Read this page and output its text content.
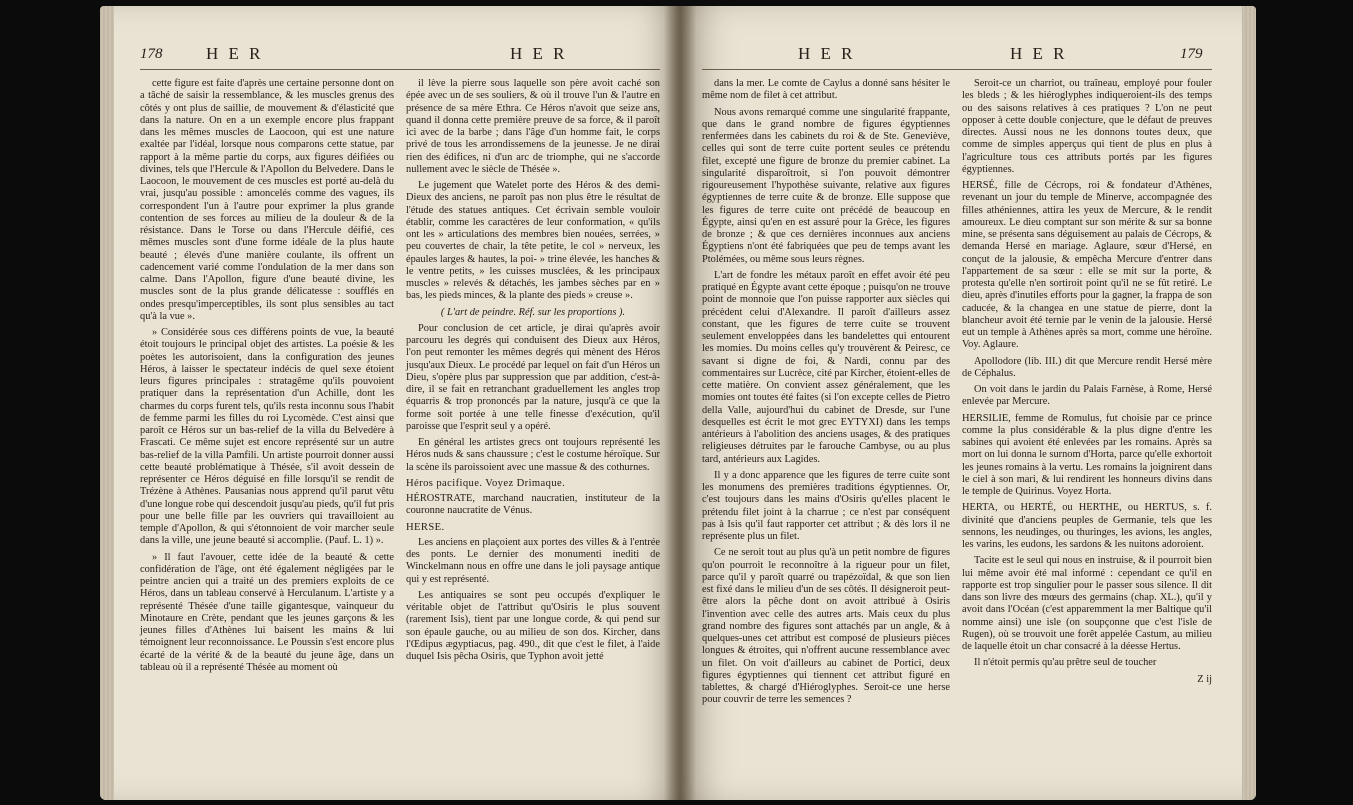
178	H E R	H E R

cette figure est faite d'après une certaine personne dont on a tâché de saisir la ressemblance, & les muscles grenus des côtés y ont plus de saillie, de mouvement & d'élasticité que dans la nature. On en a un exemple encore plus frappant dans les mêmes muscles de Laocoon, qui est une nature exaltée par l'idéal, lorsque nous comparons cette statue, par rapport à la même partie du corps, aux figures déifiées ou divines, tels que l'Hercule & l'Apollon du Belvedere. Dans le Laocoon, le mouvement de ces muscles est porté au-delà du vrai, jusqu'au possible : amoncelés comme des vagues, ils correspondent l'un à l'autre pour exprimer la plus grande contention de ses forces au milieu de la douleur & de la résistance. Dans le Torse ou dans l'Hercule déifié, ces mêmes muscles sont d'une forme idéale de la plus haute beauté ; élevés d'une manière coulante, ils offrent un cadencement varié comme l'ondulation de la mer dans son calme. Dans l'Apollon, figure d'une beauté divine, les muscles sont de la plus grande délicatesse : soufflés en ondes presqu'imperceptibles, ils sont plus sensibles au tact qu'à la vue ».

» Considérée sous ces différens points de vue, la beauté étoit toujours le principal objet des artistes. La poésie & les poètes les autorisoient, dans la configuration des jeunes Héros, à laisser le spectateur indécis de quel sexe étoient leurs figures principales : stratagême qu'ils pouvoient pratiquer dans la représentation d'un Achille, dont les charmes du corps furent tels, qu'ils resta inconnu sous l'habit de femme parmi les filles du roi Lycomède. C'est ainsi que paroît ce Héros sur un bas-relief de la villa du Belvedère à Frascati. Ce même sujet est encore représenté sur un autre bas-relief de la villa Pamfili. Un artiste pourroit donner aussi cette beauté problématique à Thésée, s'il avoit dessein de représenter ce Héros déguisé en fille lorsqu'il se rendit de Trézène à Athènes. Pausanias nous apprend qu'il parut vêtu d'une longue robe qui descendoit jusqu'au pieds, qu'il fut pris pour une belle fille par les ouvriers qui travailloient au temple d'Apollon, & qui s'étonnoient de voir marcher seule dans la ville, une jeune beauté si accomplie. (Pauf. L. 1) ».

» Il faut l'avouer, cette idée de la beauté & cette confidération de l'âge, ont été également négligées par le peintre ancien qui a traité un des premiers exploits de ce Héros, dans un tableau conservé à Herculanum. L'artiste y a représenté Thésée d'une taille gigantesque, vainqueur du Minotaure en Crète, pendant que les jeunes garçons & les jeunes filles d'Athènes lui baisent les mains & lui témoignent leur reconnoissance. Le Poussin s'est encore plus écarté de la vérité & de la beauté du jeune âge, dans un tableau où il a représenté Thésée au moment où

il lève la pierre sous laquelle son père avoit caché son épée avec un de ses souliers, & où il trouve l'un & l'autre en présence de sa mère Ethra. Ce Héros n'avoit que seize ans, quand il donna cette première preuve de sa force, & il paroît ici avec de la barbe ; dans l'âge d'un homme fait, le corps privé de tous les arrondissemens de la jeunesse. Je ne dirai rien des édifices, ni d'un arc de triomphe, qui ne s'accorde nullement avec le siècle de Thésée ».

Le jugement que Watelet porte des Héros & des demi-Dieux des anciens, ne paroît pas non plus être le résultat de l'étude des statues antiques. Cet écrivain semble vouloir établir, comme les caractères de leur conformation, « qu'ils ont les » articulations des membres bien nouées, serrées, » peu couvertes de chair, la tête petite, le col » nerveux, les épaules larges & hautes, la poi- » trine élevée, les hanches & le ventre petits, » les cuisses musclées, & les principaux muscles » relevés & détachés, les jambes sèches par en » bas, les pieds minces, & la plante des pieds » creuse ».

( L'art de peindre. Réf. sur les proportions ).

Pour conclusion de cet article, je dirai qu'après avoir parcouru les degrés qui conduisent des Dieux aux Héros, l'on peut remonter les mêmes degrés qui mènent des Héros jusqu'aux Dieux. Le procédé par lequel on fait d'un Héros un Dieu, s'opère plus par suppression que par addition, c'est-à-dire, il se fait en retranchant graduellement les angles trop équarris & trop prononcés par la nature, jusqu'à ce que la forme soit portée à une telle finesse d'exécution, qu'il paroisse que l'esprit seul y a opéré.

En général les artistes grecs ont toujours représenté les Héros nuds & sans chaussure ; c'est le costume héroïque. Sur la scène ils paroissoient avec une massue & des cothurnes.

Héros pacifique. Voyez Drimaque.

HÉROSTRATE, marchand naucratien, instituteur de la couronne naucratite de Vénus.

HERSE.

Les anciens en plaçoient aux portes des villes & à l'entrée des ponts. Le dernier des monumenti inediti de Winckelmann nous en offre une dans le joli paysage antique qui y est représenté.

Les antiquaires se sont peu occupés d'expliquer le véritable objet de l'attribut qu'Osiris le plus souvent (rarement Isis), tient par une longue corde, & qui pend sur son épaule gauche, ou au milieu de son dos. Kircher, dans l'Œdipus ægyptiacus, pag. 490., dit que c'est le filet, à l'aide duquel Isis pêcha Osiris, que Typhon avoit jetté

H E R	H E R	179

dans la mer. Le comte de Caylus a donné sans hésiter le même nom de filet à cet attribut.

Nous avons remarqué comme une singularité frappante, que dans le grand nombre de figures égyptiennes renfermées dans les cabinets du roi & de Ste. Geneviève, celles qui sont de terre cuite portent seules ce prétendu filet, excepté une figure de bronze du premier cabinet. La singularité disparoîtroit, si l'on pouvoit démontrer rigoureusement l'hypothèse suivante, relative aux figures égyptiennes de terre cuite & de bronze. Elle suppose que les figures de terre cuite ont précédé de beaucoup en Égypte, ainsi qu'en en est assuré pour la Grèce, les figures de bronze ; & que ces dernières inconnues aux anciens Égyptiens n'ont été fabriquées que peu de temps avant les Ptolémées, ou même sous leurs règnes.

L'art de fondre les métaux paroît en effet avoir été peu pratiqué en Égypte avant cette époque ; puisqu'on ne trouve point de monnoie que l'on puisse rapporter aux siècles qui précèdent celui d'Alexandre. Il paroît d'ailleurs assez constant, que les figures de terre cuite se trouvent seulement enveloppées dans les bandelettes qui entourent les momies. Du moins celles qu'y trouvèrent & Peiresc, ce savant si digne de foi, & Nardi, connu par des commentaires sur Lucrèce, cité par Kircher, étoient-elles de cette matière. On convient assez généralement, que les momies ont toutes été faites (si l'on excepte celles de Pietro della Valle, aujourd'hui du cabinet de Dresde, sur l'une desquelles est écrit le mot grec ΕΥΤΥΧΙ) dans les temps antérieurs à l'abolition des anciens usages, & des pratiques religieuses détruites par le farouche Cambyse, ou au plus tard, antérieurs aux Lagides.

Il y a donc apparence que les figures de terre cuite sont les monumens des premières traditions égyptiennes. Or, c'est toujours dans les mains d'Osiris qu'elles placent le prétendu filet joint à la charrue ; ce n'est par conséquent pas à Isis qu'il faut rapporter cet attribut ; & dès lors il ne représente plus un filet.

Ce ne seroit tout au plus qu'à un petit nombre de figures qu'on pourroit le reconnoître à la rigueur pour un filet, parce qu'il y paroît quarré ou trapézoïdal, & que son lien est fixé dans le milieu d'un de ses côtés. Il désigneroit peut-être alors la pêche dont on avoit attribué à Osiris l'invention avec celle des autres arts. Mais ceux du plus grand nombre des figures sont attachés par un angle, & à quelques-unes cet attribut est composé de plusieurs pièces longues & étroites, qui n'offrent aucune ressemblance avec un filet. On voit d'ailleurs au cabinet de Portici, deux figures égyptiennes qui tiennent cet attribut figuré en tablettes, & chargé d'Hiéroglyphes. Seroit-ce une herse pour couvrir de terre les semences ?

Seroit-ce un charriot, ou traîneau, employé pour fouler les bleds ; & les hiéroglyphes indiqueroient-ils des temps ou des saisons relatives à ces pratiques ? L'on ne peut opposer à cette double conjecture, que le défaut de preuves directes. Aussi nous ne les donnons toutes deux, que comme de simples apperçus qui tient de plus en plus à l'agriculture tous ces attributs portés par les figures égyptiennes.

HERSÉ, fille de Cécrops, roi & fondateur d'Athènes, revenant un jour du temple de Minerve, accompagnée des filles athéniennes, attira les yeux de Mercure, & le rendit amoureux. Le dieu comptant sur son mérite & sur sa bonne mine, se présenta sans déguisement au palais de Cécrops, & demanda Hersé en mariage. Aglaure, sœur d'Hersé, en conçut de la jalousie, & empêcha Mercure d'entrer dans l'appartement de sa sœur : elle se mit sur la porte, & protesta qu'elle n'en sortiroit point qu'il ne se fût retiré. Le dieu, après d'inutiles efforts pour la gagner, la frappa de son caducée, & la changea en une statue de pierre, dont la blancheur avoit été ternie par le venin de la jalousie. Hersé eut un temple à Athènes après sa mort, comme une héroïne. Voy. Aglaure.

Apollodore (lib. III.) dit que Mercure rendit Hersé mère de Céphalus.

On voit dans le jardin du Palais Farnèse, à Rome, Hersé enlevée par Mercure.

HERSILIE, femme de Romulus, fut choisie par ce prince comme la plus considérable & la plus digne d'entre les sabines qui avoient été enlevées par les romains. Après sa mort on lui donna le surnom d'Horta, parce qu'elle exhortoit les jeunes romains à la vertu. Les romains la joignirent dans le ciel à son mari, & lui rendirent les honneurs divins dans le temple de Quirinus. Voyez Horta.

HERTA, ou HERTÉ, ou HERTHE, ou HERTUS, s. f. divinité que d'anciens peuples de Germanie, tels que les sennons, les neudinges, ou thuringes, les avions, les angles, les varins, les eudons, les sardons & les nuitons adoroient.

Tacite est le seul qui nous en instruise, & il pourroit bien lui même avoir été mal informé : cependant ce qu'il en rapporte est trop singulier pour le passer sous silence. Il dit dans son livre des mœurs des germains (chap. XL.), qu'il y avoit dans l'Océan (c'est apparemment la mer Baltique qu'il nomme ainsi) une isle (on soupçonne que c'est l'isle de Rugen), où se trouvoit une forêt appelée Castum, au milieu de laquelle étoit un char consacré à la déesse Hertus.

Il n'étoit permis qu'au prêtre seul de toucher

Z ij
